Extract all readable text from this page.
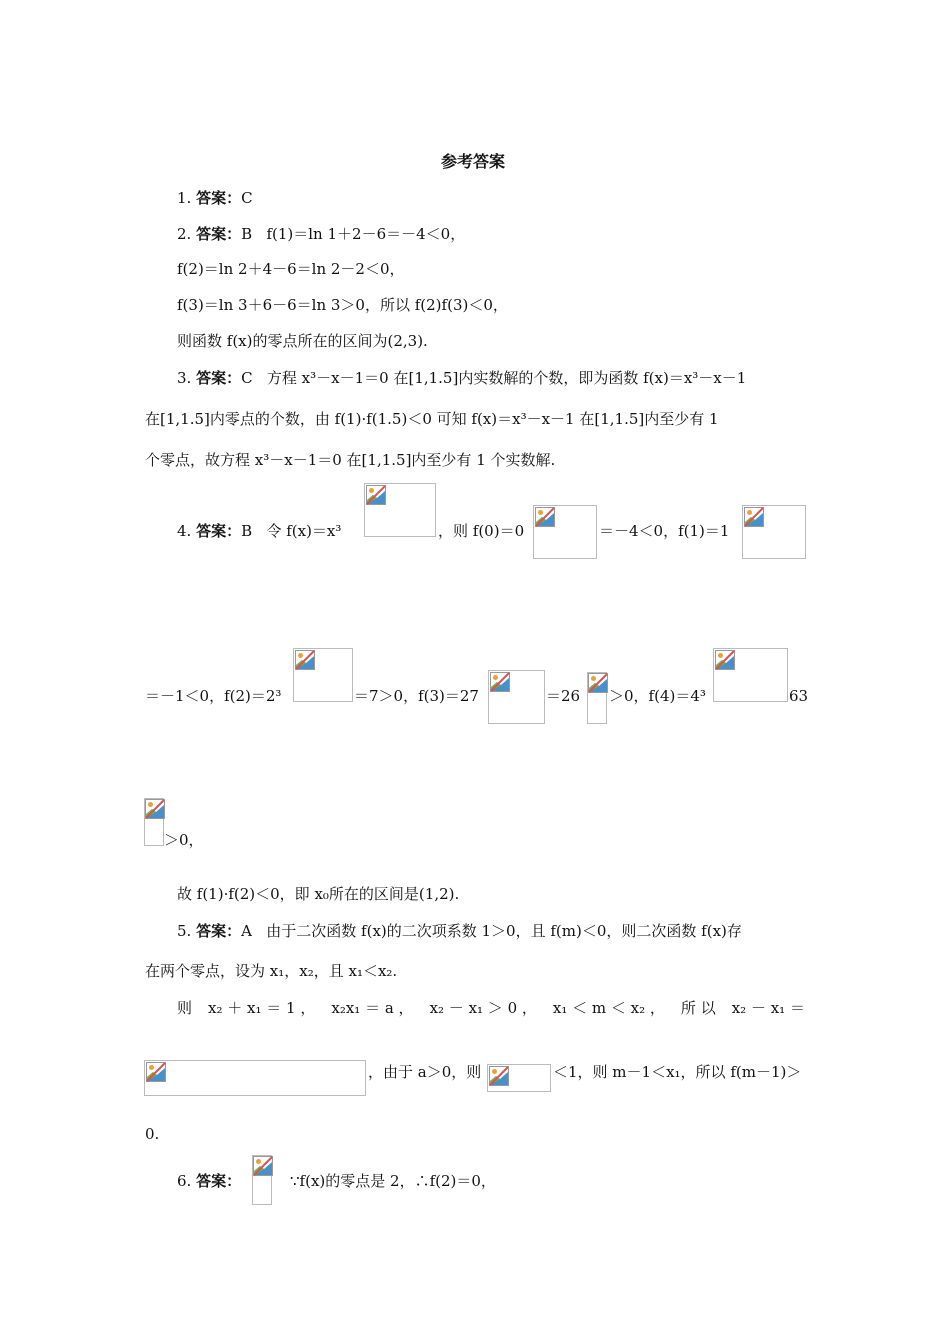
参考答案
1. 答案：C
2. 答案：B f(1)＝ln 1＋2－6＝－4＜0，
f(2)＝ln 2＋4－6＝ln 2－2＜0，
f(3)＝ln 3＋6－6＝ln 3＞0，所以 f(2)f(3)＜0，
则函数 f(x)的零点所在的区间为(2,3).
3. 答案：C 方程 x³－x－1＝0 在[1,1.5]内实数解的个数，即为函数 f(x)＝x³－x－1
在[1,1.5]内零点的个数，由 f(1)·f(1.5)＜0 可知 f(x)＝x³－x－1 在[1,1.5]内至少有 1
个零点，故方程 x³－x－1＝0 在[1,1.5]内至少有 1 个实数解.
4. 答案：B 令 f(x)＝x³	，则 f(0)＝0	＝－4＜0，f(1)＝1
＝－1＜0，f(2)＝2³	＝7＞0，f(3)＝27	＝26 ＞0，f(4)＝4³	63
＞0，
故 f(1)·f(2)＜0，即 x₀所在的区间是(1,2).
5. 答案：A 由于二次函数 f(x)的二次项系数 1＞0，且 f(m)＜0，则二次函数 f(x)存
在两个零点，设为 x₁，x₂，且 x₁＜x₂.
则 x₂ ＋ x₁ ＝ 1 ， x₂x₁ ＝ a ， x₂ － x₁ ＞ 0 ， x₁ ＜ m ＜ x₂ ， 所 以 x₂ － x₁ ＝
，由于 a＞0，则	＜1，则 m－1＜x₁，所以 f(m－1)＞
0.
6. 答案：	∵f(x)的零点是 2，∴f(2)＝0，
